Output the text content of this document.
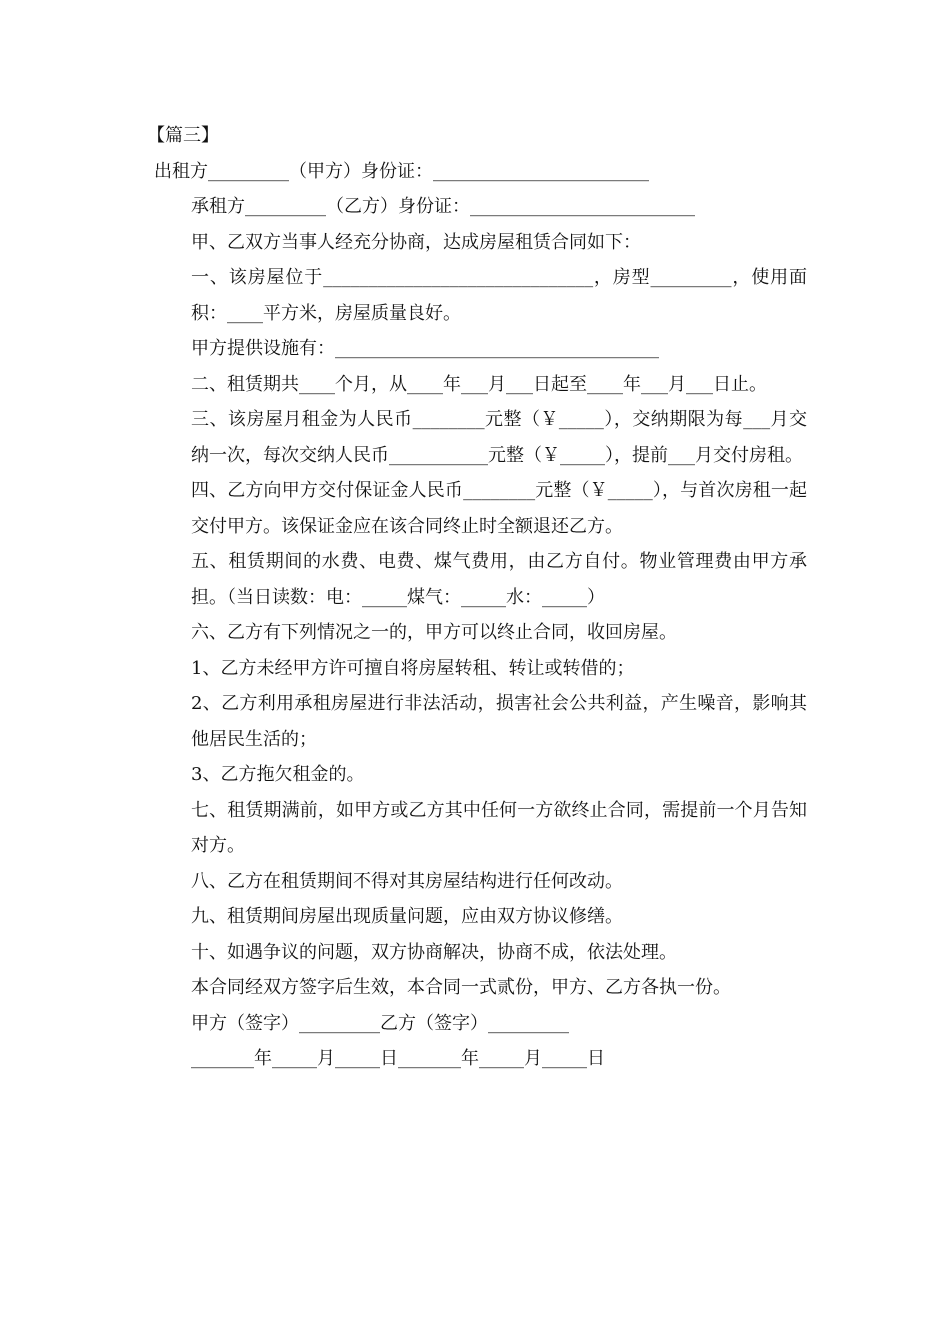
【篇三】

出租方_________（甲方）身份证：________________________

承租方_________（乙方）身份证：_________________________

甲、乙双方当事人经充分协商，达成房屋租赁合同如下：

一、该房屋位于______________________________，房型_________，使用面积：____平方米，房屋质量良好。

甲方提供设施有：____________________________________

二、租赁期共____个月，从____年___月___日起至____年___月___日止。

三、该房屋月租金为人民币________元整（￥_____），交纳期限为每___月交纳一次，每次交纳人民币___________元整（￥_____），提前___月交付房租。

四、乙方向甲方交付保证金人民币________元整（￥_____），与首次房租一起交付甲方。该保证金应在该合同终止时全额退还乙方。

五、租赁期间的水费、电费、煤气费用，由乙方自付。物业管理费由甲方承担。（当日读数：电：_____煤气：_____水：_____）

六、乙方有下列情况之一的，甲方可以终止合同，收回房屋。

1、乙方未经甲方许可擅自将房屋转租、转让或转借的；

2、乙方利用承租房屋进行非法活动，损害社会公共利益，产生噪音，影响其他居民生活的；

3、乙方拖欠租金的。

七、租赁期满前，如甲方或乙方其中任何一方欲终止合同，需提前一个月告知对方。

八、乙方在租赁期间不得对其房屋结构进行任何改动。

九、租赁期间房屋出现质量问题，应由双方协议修缮。

十、如遇争议的问题，双方协商解决，协商不成，依法处理。

本合同经双方签字后生效，本合同一式贰份，甲方、乙方各执一份。

甲方（签字）_________乙方（签字）_________

_______年_____月_____日_______年_____月_____日
